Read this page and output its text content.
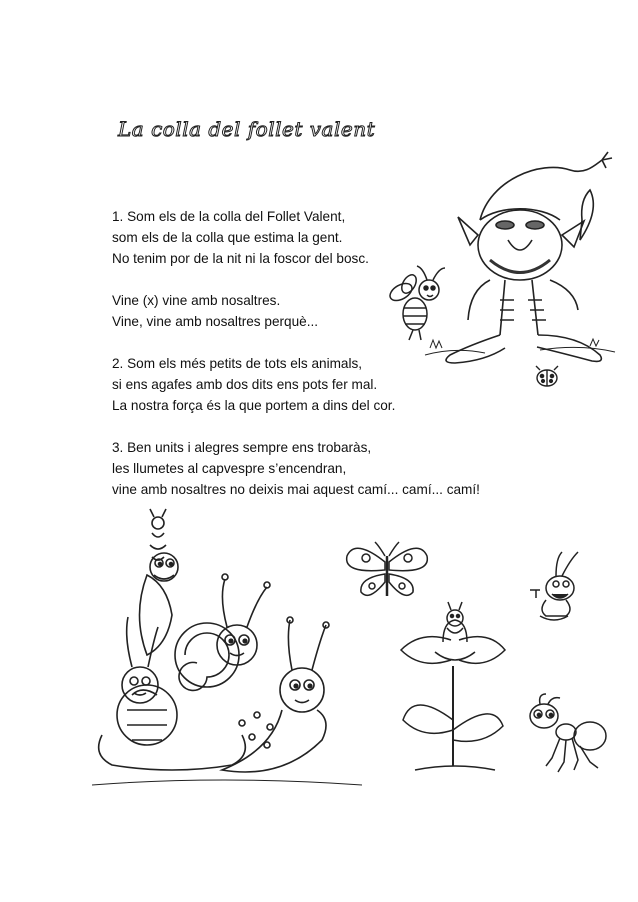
La colla del follet valent
1. Som els de la colla del Follet Valent,
som els de la colla que estima la gent.
No tenim por de la nit ni la foscor del bosc.
Vine (x) vine amb nosaltres.
Vine, vine amb nosaltres perquè...
2. Som els més petits de tots els animals,
si ens agafes amb dos dits ens pots fer mal.
La nostra força és la que portem a dins del cor.
3. Ben units i alegres sempre ens trobaràs,
les llumetes al capvespre s’encendran,
vine amb nosaltres no deixis mai aquest camí... camí... camí!
